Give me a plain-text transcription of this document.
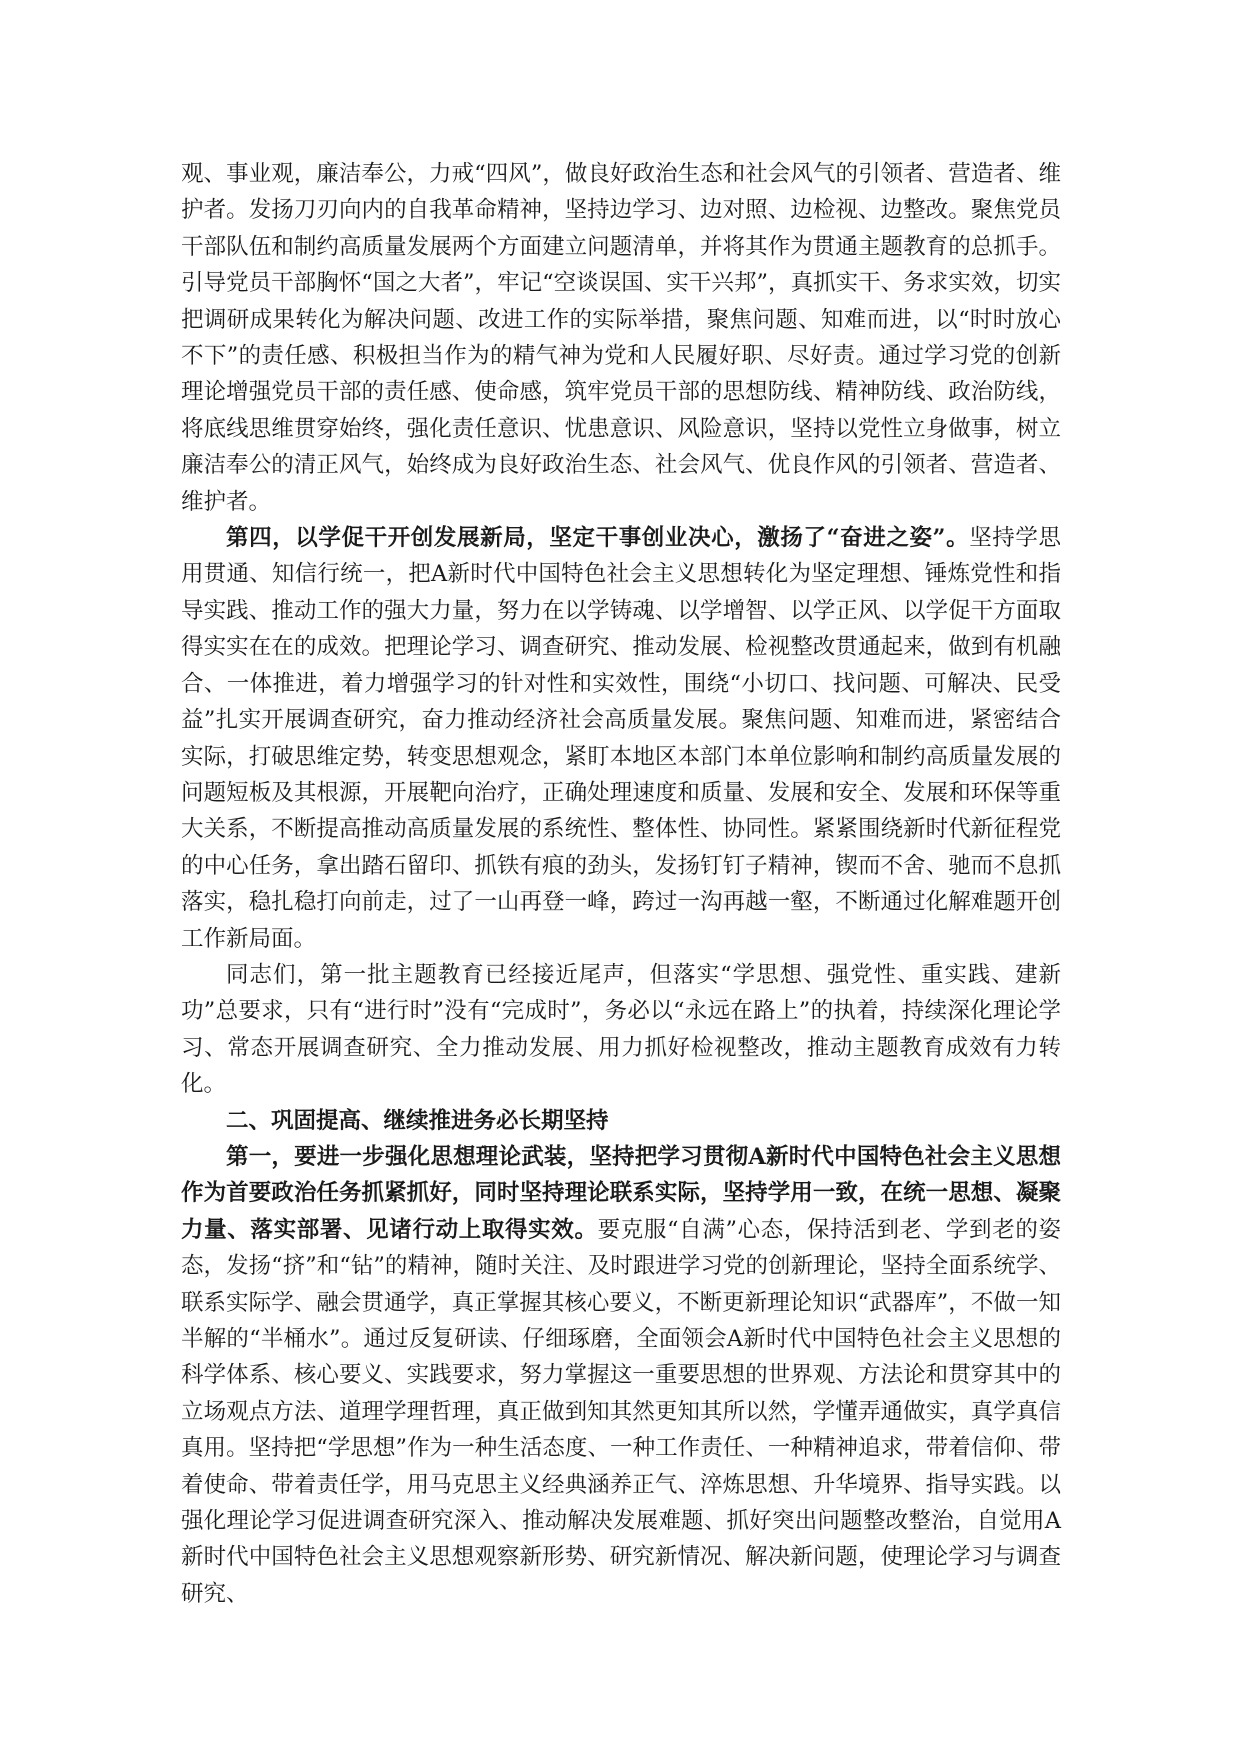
观、事业观，廉洁奉公，力戒“四风”，做良好政治生态和社会风气的引领者、营造者、维护者。发扬刀刃向内的自我革命精神，坚持边学习、边对照、边检视、边整改。聚焦党员干部队伍和制约高质量发展两个方面建立问题清单，并将其作为贯通主题教育的总抓手。引导党员干部胸怀“国之大者”，牢记“空谈误国、实干兴邦”，真抓实干、务求实效，切实把调研成果转化为解决问题、改进工作的实际举措，聚焦问题、知难而进，以“时时放心不下”的责任感、积极担当作为的精气神为党和人民履好职、尽好责。通过学习党的创新理论增强党员干部的责任感、使命感，筑牢党员干部的思想防线、精神防线、政治防线，将底线思维贯穿始终，强化责任意识、忧患意识、风险意识，坚持以党性立身做事，树立廉洁奉公的清正风气，始终成为良好政治生态、社会风气、优良作风的引领者、营造者、维护者。

第四，以学促干开创发展新局，坚定干事创业决心，激扬了“奋进之姿”。坚持学思用贯通、知信行统一，把A新时代中国特色社会主义思想转化为坚定理想、锤炼党性和指导实践、推动工作的强大力量，努力在以学铸魂、以学增智、以学正风、以学促干方面取得实实在在的成效。把理论学习、调查研究、推动发展、检视整改贯通起来，做到有机融合、一体推进，着力增强学习的针对性和实效性，围绕“小切口、找问题、可解决、民受益”扎实开展调查研究，奋力推动经济社会高质量发展。聚焦问题、知难而进，紧密结合实际，打破思维定势，转变思想观念，紧盯本地区本部门本单位影响和制约高质量发展的问题短板及其根源，开展靶向治疗，正确处理速度和质量、发展和安全、发展和环保等重大关系，不断提高推动高质量发展的系统性、整体性、协同性。紧紧围绕新时代新征程党的中心任务，拿出踏石留印、抓铁有痕的劲头，发扬钉钉子精神，锲而不舍、驰而不息抓落实，稳扎稳打向前走，过了一山再登一峰，跨过一沟再越一壑，不断通过化解难题开创工作新局面。

同志们，第一批主题教育已经接近尾声，但落实“学思想、强党性、重实践、建新功”总要求，只有“进行时”没有“完成时”，务必以“永远在路上”的执着，持续深化理论学习、常态开展调查研究、全力推动发展、用力抓好检视整改，推动主题教育成效有力转化。

二、巩固提高、继续推进务必长期坚持

第一，要进一步强化思想理论武装，坚持把学习贯彻A新时代中国特色社会主义思想作为首要政治任务抓紧抓好，同时坚持理论联系实际，坚持学用一致，在统一思想、凝聚力量、落实部署、见诸行动上取得实效。要克服“自满”心态，保持活到老、学到老的姿态，发扬“挤”和“钻”的精神，随时关注、及时跟进学习党的创新理论，坚持全面系统学、联系实际学、融会贯通学，真正掌握其核心要义，不断更新理论知识“武器库”，不做一知半解的“半桶水”。通过反复研读、仔细琢磨，全面领会A新时代中国特色社会主义思想的科学体系、核心要义、实践要求，努力掌握这一重要思想的世界观、方法论和贯穿其中的立场观点方法、道理学理哲理，真正做到知其然更知其所以然，学懂弄通做实，真学真信真用。坚持把“学思想”作为一种生活态度、一种工作责任、一种精神追求，带着信仰、带着使命、带着责任学，用马克思主义经典涵养正气、淬炼思想、升华境界、指导实践。以强化理论学习促进调查研究深入、推动解决发展难题、抓好突出问题整改整治，自觉用A新时代中国特色社会主义思想观察新形势、研究新情况、解决新问题，使理论学习与调查研究、
